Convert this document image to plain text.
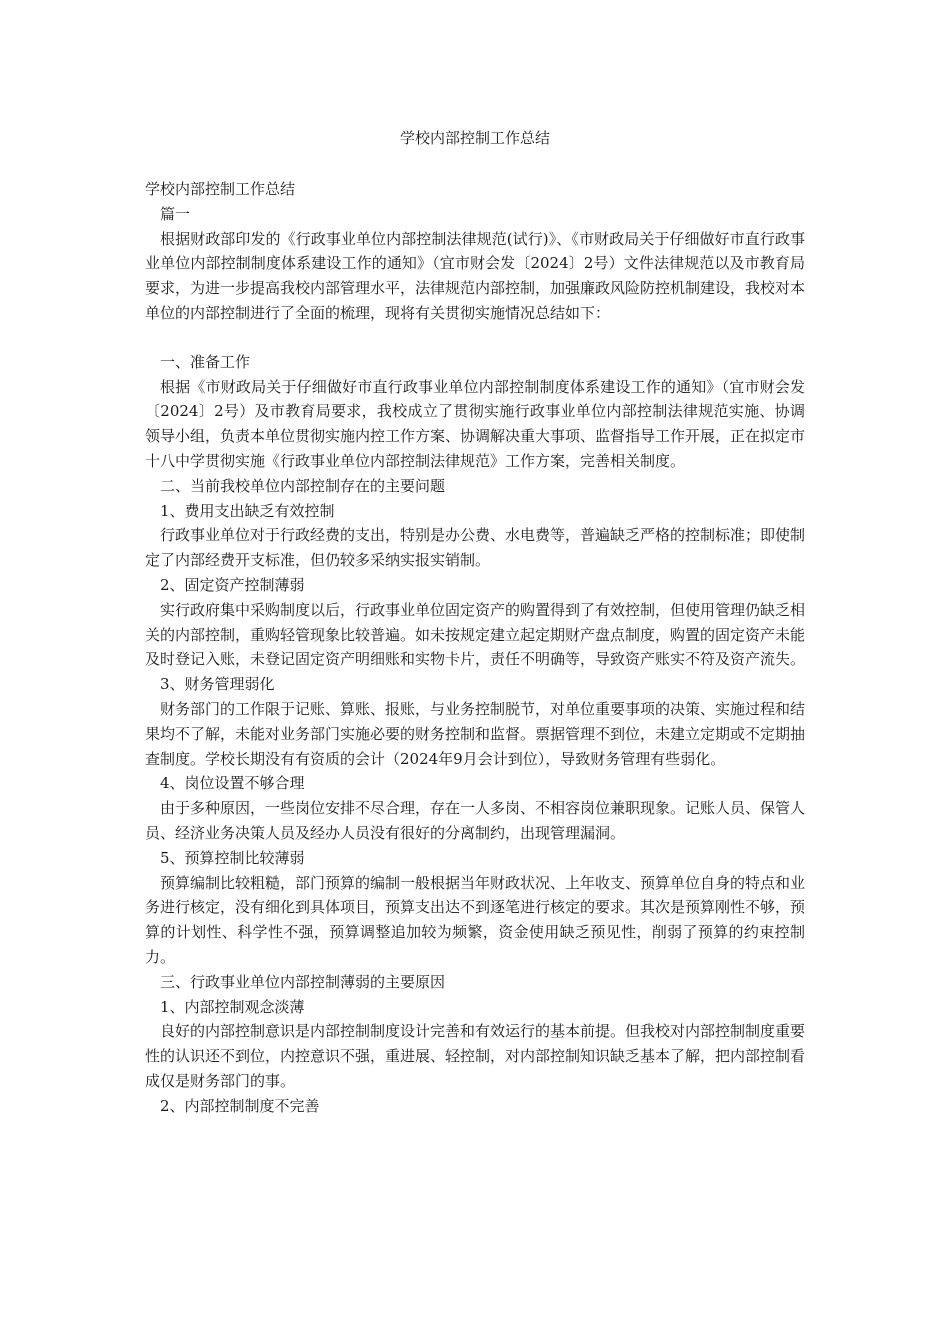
学校内部控制工作总结

学校内部控制工作总结

篇一

根据财政部印发的《行政事业单位内部控制法律规范(试行)》、《市财政局关于仔细做好市直行政事业单位内部控制制度体系建设工作的通知》（宜市财会发〔2024〕2号）文件法律规范以及市教育局要求，为进一步提高我校内部管理水平，法律规范内部控制，加强廉政风险防控机制建设，我校对本单位的内部控制进行了全面的梳理，现将有关贯彻实施情况总结如下：

一、准备工作

根据《市财政局关于仔细做好市直行政事业单位内部控制制度体系建设工作的通知》（宜市财会发〔2024〕2号）及市教育局要求，我校成立了贯彻实施行政事业单位内部控制法律规范实施、协调领导小组，负责本单位贯彻实施内控工作方案、协调解决重大事项、监督指导工作开展，正在拟定市十八中学贯彻实施《行政事业单位内部控制法律规范》工作方案，完善相关制度。

二、当前我校单位内部控制存在的主要问题

1、费用支出缺乏有效控制

行政事业单位对于行政经费的支出，特别是办公费、水电费等，普遍缺乏严格的控制标准；即使制定了内部经费开支标准，但仍较多采纳实报实销制。

2、固定资产控制薄弱

实行政府集中采购制度以后，行政事业单位固定资产的购置得到了有效控制，但使用管理仍缺乏相关的内部控制，重购轻管现象比较普遍。如未按规定建立起定期财产盘点制度，购置的固定资产未能及时登记入账，未登记固定资产明细账和实物卡片，责任不明确等，导致资产账实不符及资产流失。

3、财务管理弱化

财务部门的工作限于记账、算账、报账，与业务控制脱节，对单位重要事项的决策、实施过程和结果均不了解，未能对业务部门实施必要的财务控制和监督。票据管理不到位，未建立定期或不定期抽查制度。学校长期没有有资质的会计（2024年9月会计到位），导致财务管理有些弱化。

4、岗位设置不够合理

由于多种原因，一些岗位安排不尽合理，存在一人多岗、不相容岗位兼职现象。记账人员、保管人员、经济业务决策人员及经办人员没有很好的分离制约，出现管理漏洞。

5、预算控制比较薄弱

预算编制比较粗糙，部门预算的编制一般根据当年财政状况、上年收支、预算单位自身的特点和业务进行核定，没有细化到具体项目，预算支出达不到逐笔进行核定的要求。其次是预算刚性不够，预算的计划性、科学性不强，预算调整追加较为频繁，资金使用缺乏预见性，削弱了预算的约束控制力。

三、行政事业单位内部控制薄弱的主要原因

1、内部控制观念淡薄

良好的内部控制意识是内部控制制度设计完善和有效运行的基本前提。但我校对内部控制制度重要性的认识还不到位，内控意识不强，重进展、轻控制，对内部控制知识缺乏基本了解，把内部控制看成仅是财务部门的事。

2、内部控制制度不完善
